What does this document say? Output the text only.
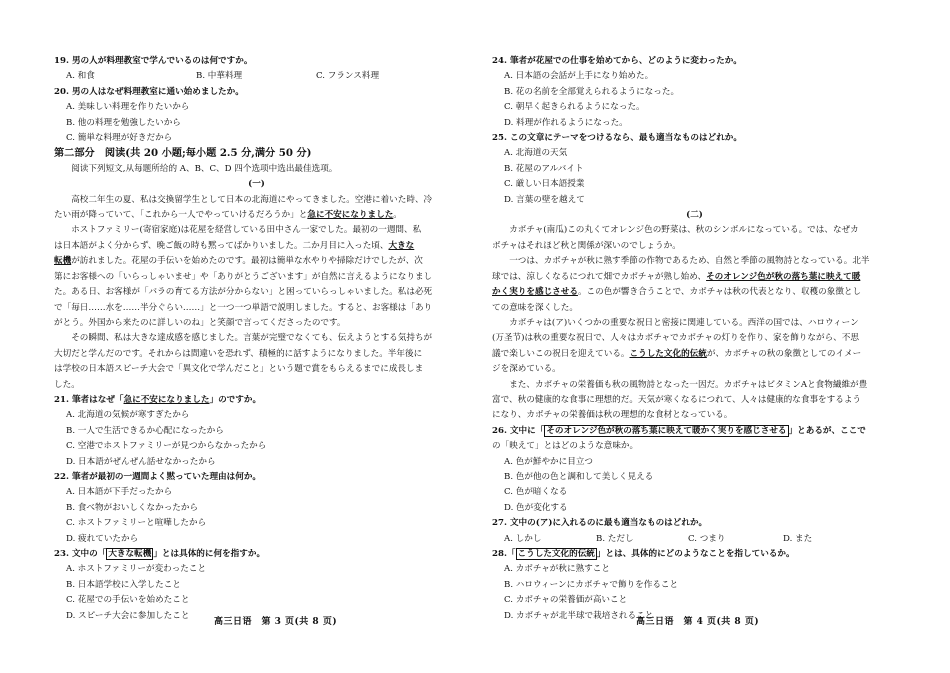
19. 男の人が料理教室で学んでいるのは何ですか。
A. 和食	B. 中華料理	C. フランス料理
20. 男の人はなぜ料理教室に通い始めましたか。
A. 美味しい料理を作りたいから
B. 他の料理を勉強したいから
C. 簡単な料理が好きだから
第二部分　阅读(共 20 小题;每小题 2.5 分,满分 50 分)
阅读下列短文,从每题所给的 A、B、C、D 四个选项中选出最佳选项。
(一)
高校二年生の夏、私は交換留学生として日本の北海道にやってきました。空港に着いた時、冷
たい雨が降っていて、「これから一人でやっていけるだろうか」と急に不安になりました。
ホストファミリー(寄宿家庭)は花屋を経営している田中さん一家でした。最初の一週間、私
は日本語がよく分からず、晩ご飯の時も黙ってばかりいました。二か月目に入った頃、大きな
転機が訪れました。花屋の手伝いを始めたのです。最初は簡単な水やりや掃除だけでしたが、次
第にお客様への「いらっしゃいませ」や「ありがとうございます」が自然に言えるようになりまし
た。ある日、お客様が「バラの育てる方法が分からない」と困っていらっしゃいました。私は必死
で「毎日……水を……半分ぐらい……」と一つ一つ単語で説明しました。すると、お客様は「あり
がとう。外国から来たのに詳しいのね」と笑顔で言ってくださったのです。
その瞬間、私は大きな達成感を感じました。言葉が完璧でなくても、伝えようとする気持ちが
大切だと学んだのです。それからは間違いを恐れず、積極的に話すようになりました。半年後に
は学校の日本語スピーチ大会で「異文化で学んだこと」という題で賞をもらえるまでに成長しま
した。
21. 筆者はなぜ「急に不安になりました」のですか。
A. 北海道の気候が寒すぎたから
B. 一人で生活できるか心配になったから
C. 空港でホストファミリーが見つからなかったから
D. 日本語がぜんぜん話せなかったから
22. 筆者が最初の一週間よく黙っていた理由は何か。
A. 日本語が下手だったから
B. 食べ物がおいしくなかったから
C. ホストファミリーと喧嘩したから
D. 疲れていたから
23. 文中の「 大きな転機 」とは具体的に何を指すか。
A. ホストファミリーが変わったこと
B. 日本語学校に入学したこと
C. 花屋での手伝いを始めたこと
D. スピーチ大会に参加したこと
24. 筆者が花屋での仕事を始めてから、どのように変わったか。
A. 日本語の会話が上手になり始めた。
B. 花の名前を全部覚えられるようになった。
C. 朝早く起きられるようになった。
D. 料理が作れるようになった。
25. この文章にテーマをつけるなら、最も適当なものはどれか。
A. 北海道の天気
B. 花屋のアルバイト
C. 厳しい日本語授業
D. 言葉の壁を越えて
(二)
カボチャ(南瓜)この丸くてオレンジ色の野菜は、秋のシンボルになっている。では、なぜカ
ボチャはそれほど秋と関係が深いのでしょうか。
一つは、カボチャが秋に熟す季節の作物であるため、自然と季節の風物詩となっている。北半
球では、涼しくなるにつれて畑でカボチャが熟し始め、そのオレンジ色が秋の落ち葉に映えて暖
かく実りを感じさせる。この色が響き合うことで、カボチャは秋の代表となり、収穫の象徴とし
ての意味を深くした。
カボチャは(ア)いくつかの重要な祝日と密接に関連している。西洋の国では、ハロウィーン
(万圣节)は秋の重要な祝日で、人々はカボチャでカボチャの灯りを作り、家を飾りながら、不思
議で楽しいこの祝日を迎えている。こうした文化的伝統が、カボチャの秋の象徴としてのイメー
ジを深めている。
また、カボチャの栄養価も秋の風物詩となった一因だ。カボチャはビタミンAと食物繊維が豊
富で、秋の健康的な食事に理想的だ。天気が寒くなるにつれて、人々は健康的な食事をするよう
になり、カボチャの栄養価は秋の理想的な食材となっている。
26. 文中に「 そのオレンジ色が秋の落ち葉に映えて暖かく実りを感じさせる 」とあるが、ここで
の「映えて」とはどのような意味か。
A. 色が鮮やかに目立つ
B. 色が他の色と調和して美しく見える
C. 色が暗くなる
D. 色が変化する
27. 文中の(ア)に入れるのに最も適当なものはどれか。
A. しかし	B. ただし	C. つまり	D. また
28.「 こうした文化的伝統 」とは、具体的にどのようなことを指しているか。
A. カボチャが秋に熟すこと
B. ハロウィーンにカボチャで飾りを作ること
C. カボチャの栄養価が高いこと
D. カボチャが北半球で栽培されること
高三日语　第 3 页(共 8 页)	高三日语　第 4 页(共 8 页)
